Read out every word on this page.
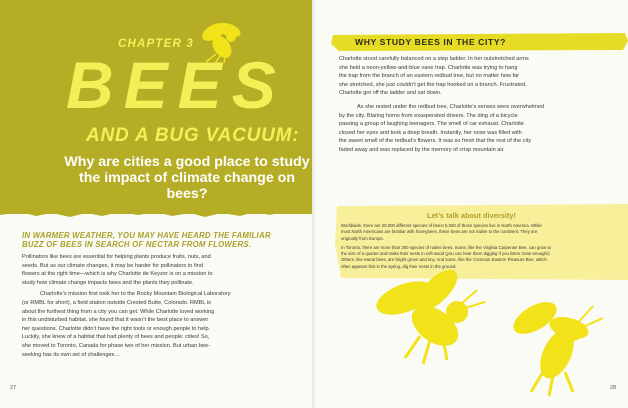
CHAPTER 3
BEES
AND A BUG VACUUM:
Why are cities a good place to study
the impact of climate change on bees?
IN WARMER WEATHER, YOU MAY HAVE HEARD THE FAMILIAR
BUZZ OF BEES IN SEARCH OF NECTAR FROM FLOWERS.
Pollinators like bees are essential for helping plants produce fruits, nuts, and
seeds. But as our climate changes, it may be harder for pollinators to find
flowers at the right time—which is why Charlotte de Keyzer is on a mission to
study how climate change impacts bees and the plants they pollinate.
Charlotte’s mission first took her to the Rocky Mountain Biological Laboratory
(or RMBL for short), a field station outside Crested Butte, Colorado. RMBL is
about the furthest thing from a city you can get. While Charlotte loved working
in this undisturbed habitat, she found that it wasn’t the best place to answer
her questions. Charlotte didn’t have the right tools or enough people to help.
Luckily, she knew of a habitat that had plenty of bees and people: cities! So,
she moved to Toronto, Canada for phase two of her mission. But urban bee-
seeking has its own set of challenges…
27
WHY STUDY BEES IN THE CITY?
Charlotte stood carefully balanced on a step ladder. In her outstretched arms
she held a neon-yellow-and-blue vane trap. Charlotte was trying to hang
the trap from the branch of an eastern redbud tree, but no matter how far
she stretched, she just couldn’t get the trap hooked on a branch. Frustrated,
Charlotte got off the ladder and sat down.
As she rested under the redbud tree, Charlotte’s senses were overwhelmed
by the city. Blaring horns from exasperated drivers. The ding of a bicycle
passing a group of laughing teenagers. The smell of car exhaust. Charlotte
closed her eyes and took a deep breath. Instantly, her nose was filled with
the sweet smell of the redbud’s flowers. It was so fresh that the rest of the city
faded away and was replaced by the memory of crisp mountain air.
Let’s talk about diversity!
Worldwide, there are 20,000 different species of bees! 5,000 of those species live in North America. While
most North Americans are familiar with honeybees, these bees are not native to the continent. They are
originally from Europe.
In Toronto, there are more than 300 species of native bees. Some, like the Virginia Carpenter Bee, can grow to
the size of a quarter and make their nests in soft wood (you can hear them digging if you listen close enough!).
Others, like sweat bees, are bright green and tiny. And some, like the Common Eastern Pleasure Bee, which
often appears first in the spring, dig their nests in the ground.
28
